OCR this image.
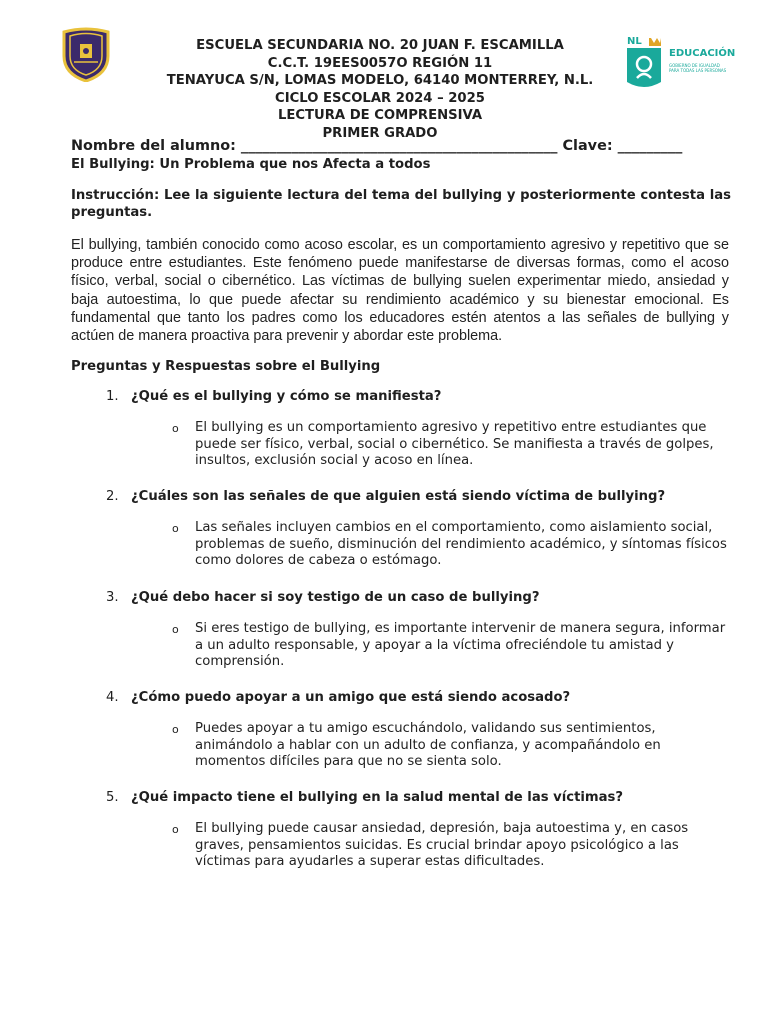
NL
EDUCACIÓN
GOBIERNO DE IGUALDAD
PARA TODAS LAS PERSONAS
ESCUELA SECUNDARIA NO. 20 JUAN F. ESCAMILLA
C.C.T. 19EES0057O REGIÓN 11
TENAYUCA S/N, LOMAS MODELO, 64140 MONTERREY, N.L.
CICLO ESCOLAR 2024 – 2025
LECTURA DE COMPRENSIVA
PRIMER GRADO
Nombre del alumno: ____________________________________________ Clave: _________
El Bullying: Un Problema que nos Afecta a todos
Instrucción: Lee la siguiente lectura del tema del bullying y posteriormente contesta las preguntas.
El bullying, también conocido como acoso escolar, es un comportamiento agresivo y repetitivo que se produce entre estudiantes. Este fenómeno puede manifestarse de diversas formas, como el acoso físico, verbal, social o cibernético. Las víctimas de bullying suelen experimentar miedo, ansiedad y baja autoestima, lo que puede afectar su rendimiento académico y su bienestar emocional. Es fundamental que tanto los padres como los educadores estén atentos a las señales de bullying y actúen de manera proactiva para prevenir y abordar este problema.
Preguntas y Respuestas sobre el Bullying
1. ¿Qué es el bullying y cómo se manifiesta?
o El bullying es un comportamiento agresivo y repetitivo entre estudiantes que puede ser físico, verbal, social o cibernético. Se manifiesta a través de golpes, insultos, exclusión social y acoso en línea.
2. ¿Cuáles son las señales de que alguien está siendo víctima de bullying?
o Las señales incluyen cambios en el comportamiento, como aislamiento social, problemas de sueño, disminución del rendimiento académico, y síntomas físicos como dolores de cabeza o estómago.
3. ¿Qué debo hacer si soy testigo de un caso de bullying?
o Si eres testigo de bullying, es importante intervenir de manera segura, informar a un adulto responsable, y apoyar a la víctima ofreciéndole tu amistad y comprensión.
4. ¿Cómo puedo apoyar a un amigo que está siendo acosado?
o Puedes apoyar a tu amigo escuchándolo, validando sus sentimientos, animándolo a hablar con un adulto de confianza, y acompañándolo en momentos difíciles para que no se sienta solo.
5. ¿Qué impacto tiene el bullying en la salud mental de las víctimas?
o El bullying puede causar ansiedad, depresión, baja autoestima y, en casos graves, pensamientos suicidas. Es crucial brindar apoyo psicológico a las víctimas para ayudarles a superar estas dificultades.
